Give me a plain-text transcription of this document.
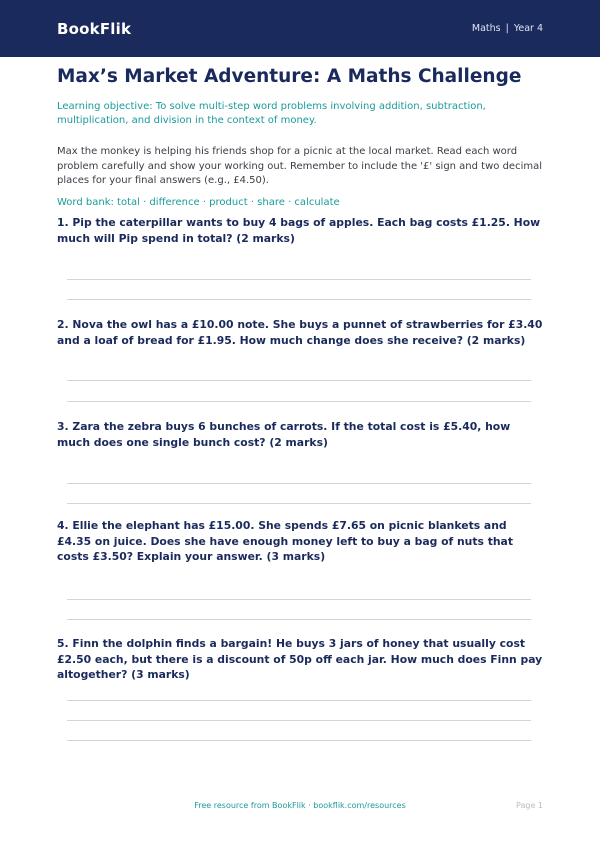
BookFlik	Maths | Year 4
Max’s Market Adventure: A Maths Challenge
Learning objective: To solve multi-step word problems involving addition, subtraction, multiplication, and division in the context of money.
Max the monkey is helping his friends shop for a picnic at the local market. Read each word problem carefully and show your working out. Remember to include the '£' sign and two decimal places for your final answers (e.g., £4.50).
Word bank: total · difference · product · share · calculate
1. Pip the caterpillar wants to buy 4 bags of apples. Each bag costs £1.25. How much will Pip spend in total? (2 marks)
2. Nova the owl has a £10.00 note. She buys a punnet of strawberries for £3.40 and a loaf of bread for £1.95. How much change does she receive? (2 marks)
3. Zara the zebra buys 6 bunches of carrots. If the total cost is £5.40, how much does one single bunch cost? (2 marks)
4. Ellie the elephant has £15.00. She spends £7.65 on picnic blankets and £4.35 on juice. Does she have enough money left to buy a bag of nuts that costs £3.50? Explain your answer. (3 marks)
5. Finn the dolphin finds a bargain! He buys 3 jars of honey that usually cost £2.50 each, but there is a discount of 50p off each jar. How much does Finn pay altogether? (3 marks)
Free resource from BookFlik · bookflik.com/resources	Page 1
